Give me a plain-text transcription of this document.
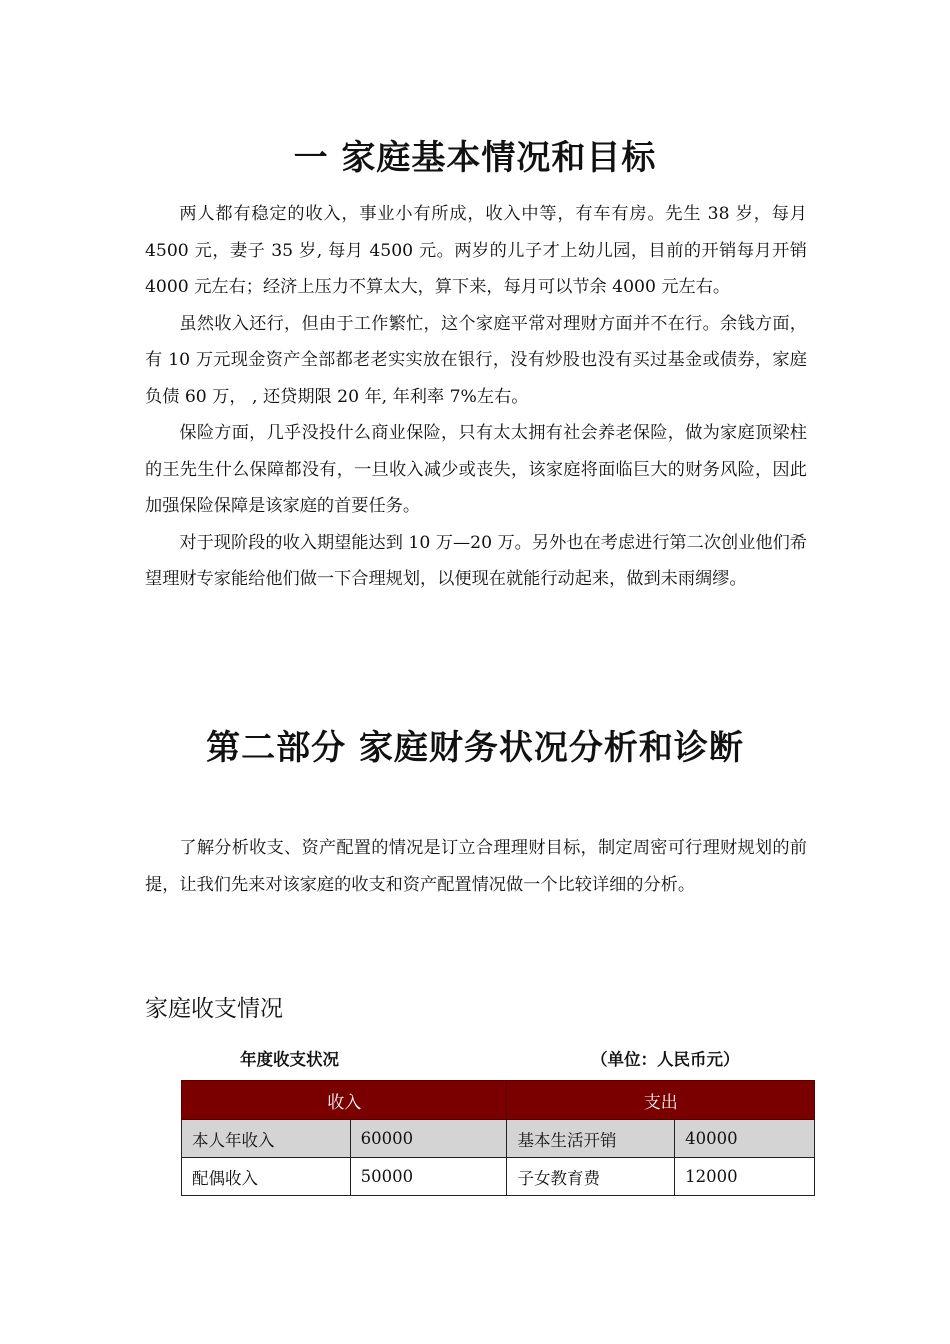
一 家庭基本情况和目标

两人都有稳定的收入，事业小有所成，收入中等，有车有房。先生 38 岁，每月 4500 元，妻子 35 岁, 每月 4500 元。两岁的儿子才上幼儿园，目前的开销每月开销 4000 元左右；经济上压力不算太大，算下来，每月可以节余 4000 元左右。

虽然收入还行，但由于工作繁忙，这个家庭平常对理财方面并不在行。余钱方面，有 10 万元现金资产全部都老老实实放在银行，没有炒股也没有买过基金或债券，家庭负债 60 万， , 还贷期限 20 年, 年利率 7%左右。

保险方面，几乎没投什么商业保险，只有太太拥有社会养老保险，做为家庭顶梁柱的王先生什么保障都没有，一旦收入减少或丧失，该家庭将面临巨大的财务风险，因此加强保险保障是该家庭的首要任务。

对于现阶段的收入期望能达到 10 万—20 万。另外也在考虑进行第二次创业他们希望理财专家能给他们做一下合理规划，以便现在就能行动起来，做到未雨绸缪。

第二部分 家庭财务状况分析和诊断

了解分析收支、资产配置的情况是订立合理理财目标，制定周密可行理财规划的前提，让我们先来对该家庭的收支和资产配置情况做一个比较详细的分析。

家庭收支情况
年度收支状况	（单位：人民币元）
收入		支出	
本人年收入	60000	基本生活开销	40000
配偶收入	50000	子女教育费	12000
